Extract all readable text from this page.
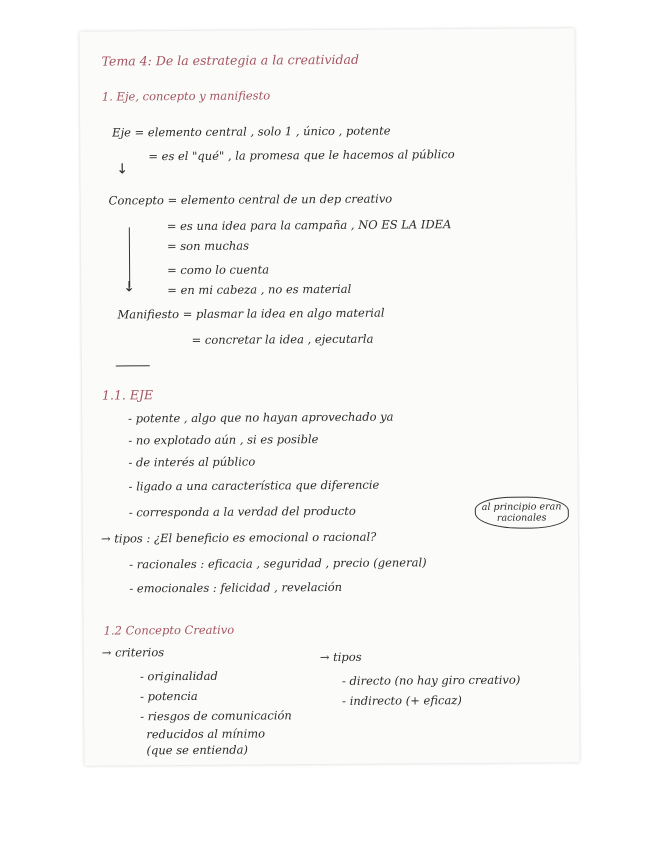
Tema 4: De la estrategia a la creatividad
1. Eje, concepto y manifiesto
Eje = elemento central , solo 1 , único , potente
= es el "qué" , la promesa que le hacemos al público
↓
Concepto = elemento central de un dep creativo
= es una idea para la campaña , NO ES LA IDEA
= son muchas
= como lo cuenta
= en mi cabeza , no es material
↓
Manifiesto = plasmar la idea en algo material
= concretar la idea , ejecutarla
1.1. EJE
- potente , algo que no hayan aprovechado ya
- no explotado aún , si es posible
- de interés al público
- ligado a una característica que diferencie
- corresponda a la verdad del producto	al principio eran
racionales
→ tipos : ¿El beneficio es emocional o racional?
- racionales : eficacia , seguridad , precio (general)
- emocionales : felicidad , revelación
1.2 Concepto Creativo
→ criterios
- originalidad
- potencia
- riesgos de comunicación
reducidos al mínimo
(que se entienda)
→ tipos
- directo (no hay giro creativo)
- indirecto (+ eficaz)
